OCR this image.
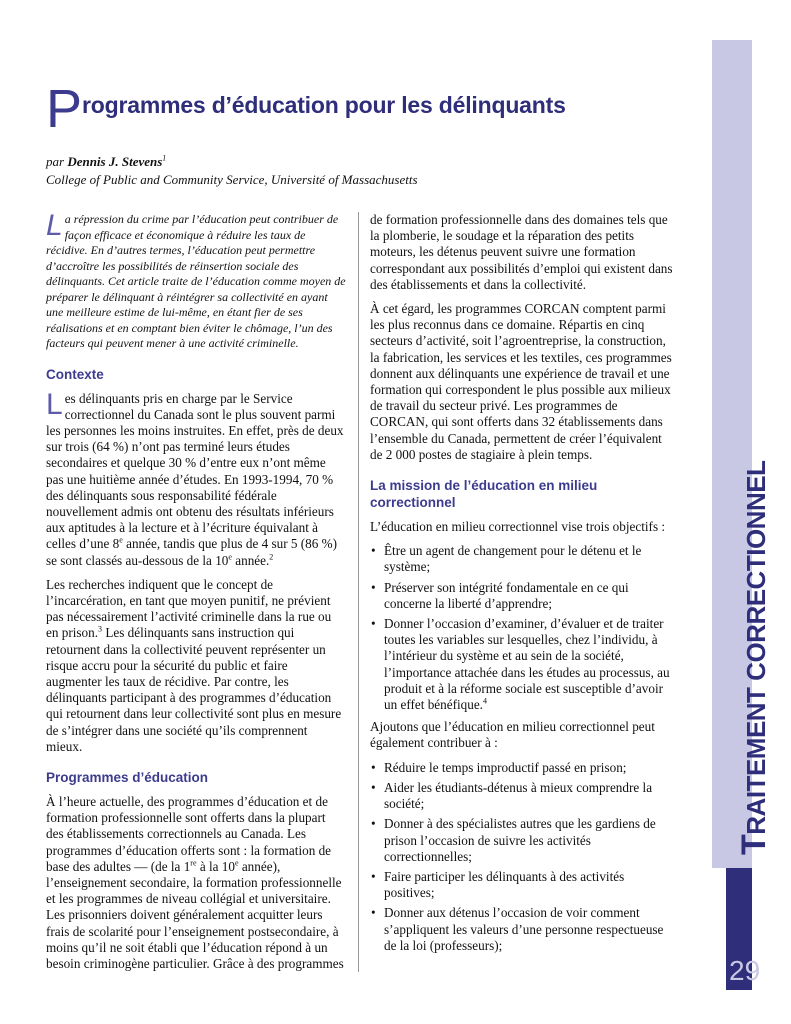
P rogrammes d’éducation pour les délinquants
par Dennis J. Stevens$^1$
College of Public and Community Service, Université of Massachusetts

La répression du crime par l’éducation peut contribuer de façon efficace et économique à réduire les taux de récidive. En d’autres termes, l’éducation peut permettre d’accroître les possibilités de réinsertion sociale des délinquants. Cet article traite de l’éducation comme moyen de préparer le délinquant à réintégrer sa collectivité en ayant une meilleure estime de lui-même, en étant fier de ses réalisations et en comptant bien éviter le chômage, l’un des facteurs qui peuvent mener à une activité criminelle.

Contexte

Les délinquants pris en charge par le Service correctionnel du Canada sont le plus souvent parmi les personnes les moins instruites. En effet, près de deux sur trois (64 %) n’ont pas terminé leurs études secondaires et quelque 30 % d’entre eux n’ont même pas une huitième année d’études. En 1993-1994, 70 % des délinquants sous responsabilité fédérale nouvellement admis ont obtenu des résultats inférieurs aux aptitudes à la lecture et à l’écriture équivalant à celles d’une 8e année, tandis que plus de 4 sur 5 (86 %) se sont classés au-dessous de la 10e année.$^2$

Les recherches indiquent que le concept de l’incarcération, en tant que moyen punitif, ne prévient pas nécessairement l’activité criminelle dans la rue ou en prison.$^3$ Les délinquants sans instruction qui retournent dans la collectivité peuvent représenter un risque accru pour la sécurité du public et faire augmenter les taux de récidive. Par contre, les délinquants participant à des programmes d’éducation qui retournent dans leur collectivité sont plus en mesure de s’intégrer dans une société qu’ils comprennent mieux.

Programmes d’éducation

À l’heure actuelle, des programmes d’éducation et de formation professionnelle sont offerts dans la plupart des établissements correctionnels au Canada. Les programmes d’éducation offerts sont : la formation de base des adultes — (de la 1re à la 10e année), l’enseignement secondaire, la formation professionnelle et les programmes de niveau collégial et universitaire. Les prisonniers doivent généralement acquitter leurs frais de scolarité pour l’enseignement postsecondaire, à moins qu’il ne soit établi que l’éducation répond à un besoin criminogène particulier. Grâce à des programmes

de formation professionnelle dans des domaines tels que la plomberie, le soudage et la réparation des petits moteurs, les détenus peuvent suivre une formation correspondant aux possibilités d’emploi qui existent dans des établissements et dans la collectivité.

À cet égard, les programmes CORCAN comptent parmi les plus reconnus dans ce domaine. Répartis en cinq secteurs d’activité, soit l’agroentreprise, la construction, la fabrication, les services et les textiles, ces programmes donnent aux délinquants une expérience de travail et une formation qui correspondent le plus possible aux milieux de travail du secteur privé. Les programmes de CORCAN, qui sont offerts dans 32 établissements dans l’ensemble du Canada, permettent de créer l’équivalent de 2 000 postes de stagiaire à plein temps.

La mission de l’éducation en milieu correctionnel

L’éducation en milieu correctionnel vise trois objectifs :

• Être un agent de changement pour le détenu et le système;
• Préserver son intégrité fondamentale en ce qui concerne la liberté d’apprendre;
• Donner l’occasion d’examiner, d’évaluer et de traiter toutes les variables sur lesquelles, chez l’individu, à l’intérieur du système et au sein de la société, l’importance attachée dans les études au processus, au produit et à la réforme sociale est susceptible d’avoir un effet bénéfique.$^4$

Ajoutons que l’éducation en milieu correctionnel peut également contribuer à :

• Réduire le temps improductif passé en prison;
• Aider les étudiants-détenus à mieux comprendre la société;
• Donner à des spécialistes autres que les gardiens de prison l’occasion de suivre les activités correctionnelles;
• Faire participer les délinquants à des activités positives;
• Donner aux détenus l’occasion de voir comment s’appliquent les valeurs d’une personne respectueuse de la loi (professeurs);
TRAITEMENT CORRECTIONNEL
29
